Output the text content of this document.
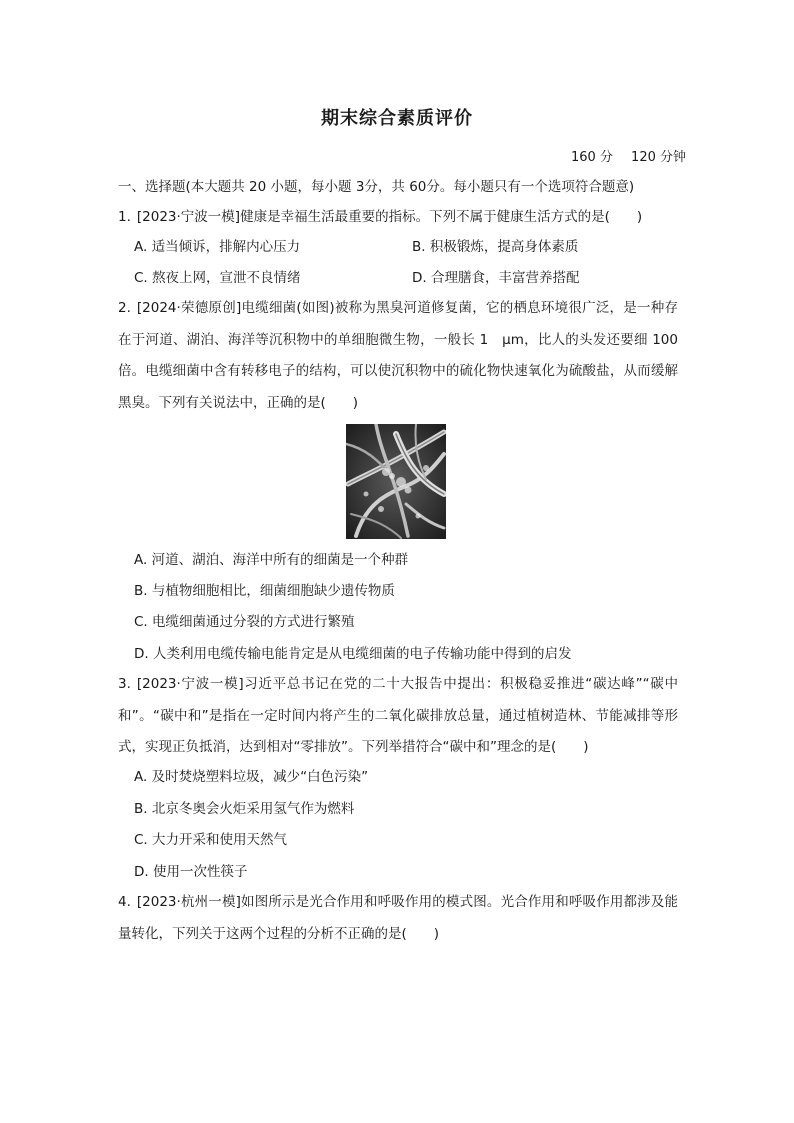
期末综合素质评价
160 分 120 分钟
一、选择题(本大题共 20 小题，每小题 3分，共 60分。每小题只有一个选项符合题意)
1. [2023·宁波一模]健康是幸福生活最重要的指标。下列不属于健康生活方式的是(　　)
A. 适当倾诉，排解内心压力	B. 积极锻炼，提高身体素质
C. 熬夜上网，宣泄不良情绪	D. 合理膳食，丰富营养搭配
2. [2024·荣德原创]电缆细菌(如图)被称为黑臭河道修复菌，它的栖息环境很广泛，是一种存在于河道、湖泊、海洋等沉积物中的单细胞微生物，一般长 1　μm，比人的头发还要细 100倍。电缆细菌中含有转移电子的结构，可以使沉积物中的硫化物快速氧化为硫酸盐，从而缓解黑臭。下列有关说法中，正确的是(　　)
A. 河道、湖泊、海洋中所有的细菌是一个种群
B. 与植物细胞相比，细菌细胞缺少遗传物质
C. 电缆细菌通过分裂的方式进行繁殖
D. 人类利用电缆传输电能肯定是从电缆细菌的电子传输功能中得到的启发
3. [2023·宁波一模]习近平总书记在党的二十大报告中提出：积极稳妥推进“碳达峰”“碳中和”。“碳中和”是指在一定时间内将产生的二氧化碳排放总量，通过植树造林、节能减排等形式，实现正负抵消，达到相对“零排放”。下列举措符合“碳中和”理念的是(　　)
A. 及时焚烧塑料垃圾，减少“白色污染”
B. 北京冬奥会火炬采用氢气作为燃料
C. 大力开采和使用天然气
D. 使用一次性筷子
4. [2023·杭州一模]如图所示是光合作用和呼吸作用的模式图。光合作用和呼吸作用都涉及能量转化，下列关于这两个过程的分析不正确的是(　　)
